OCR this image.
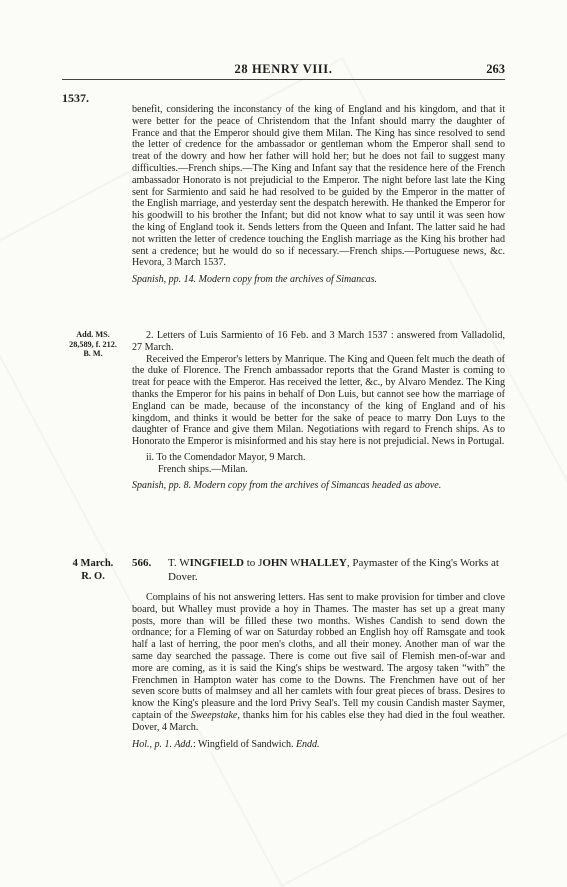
28 HENRY VIII.	263
1537.

benefit, considering the inconstancy of the king of England and his kingdom, and that it were better for the peace of Christendom that the Infant should marry the daughter of France and that the Emperor should give them Milan. The King has since resolved to send the letter of credence for the ambassador or gentleman whom the Emperor shall send to treat of the dowry and how her father will hold her; but he does not fail to suggest many difficulties.—French ships.—The King and Infant say that the residence here of the French ambassador Honorato is not prejudicial to the Emperor. The night before last late the King sent for Sarmiento and said he had resolved to be guided by the Emperor in the matter of the English marriage, and yesterday sent the despatch herewith. He thanked the Emperor for his goodwill to his brother the Infant; but did not know what to say until it was seen how the king of England took it. Sends letters from the Queen and Infant. The latter said he had not written the letter of credence touching the English marriage as the King his brother had sent a credence; but he would do so if necessary.—French ships.—Portuguese news, &c. Hevora, 3 March 1537.

Spanish, pp. 14. Modern copy from the archives of Simancas.

Add. MS.
28,589, f. 212.
B. M.

2. Letters of Luis Sarmiento of 16 Feb. and 3 March 1537 : answered from Valladolid, 27 March.

Received the Emperor's letters by Manrique. The King and Queen felt much the death of the duke of Florence. The French ambassador reports that the Grand Master is coming to treat for peace with the Emperor. Has received the letter, &c., by Alvaro Mendez. The King thanks the Emperor for his pains in behalf of Don Luis, but cannot see how the marriage of England can be made, because of the inconstancy of the king of England and of his kingdom, and thinks it would be better for the sake of peace to marry Don Luys to the daughter of France and give them Milan. Negotiations with regard to French ships. As to Honorato the Emperor is misinformed and his stay here is not prejudicial. News in Portugal.

ii. To the Comendador Mayor, 9 March.

French ships.—Milan.

Spanish, pp. 8. Modern copy from the archives of Simancas headed as above.

4 March.
R. O.
566. T. WINGFIELD to JOHN WHALLEY, Paymaster of the King's Works at Dover.

Complains of his not answering letters. Has sent to make provision for timber and clove board, but Whalley must provide a hoy in Thames. The master has set up a great many posts, more than will be filled these two months. Wishes Candish to send down the ordnance; for a Fleming of war on Saturday robbed an English hoy off Ramsgate and took half a last of herring, the poor men's cloths, and all their money. Another man of war the same day searched the passage. There is come out five sail of Flemish men-of-war and more are coming, as it is said the King's ships be westward. The argosy taken “with” the Frenchmen in Hampton water has come to the Downs. The Frenchmen have out of her seven score butts of malmsey and all her camlets with four great pieces of brass. Desires to know the King's pleasure and the lord Privy Seal's. Tell my cousin Candish master Saymer, captain of the Sweepstake, thanks him for his cables else they had died in the foul weather. Dover, 4 March.

Hol., p. 1. Add.: Wingfield of Sandwich. Endd.
